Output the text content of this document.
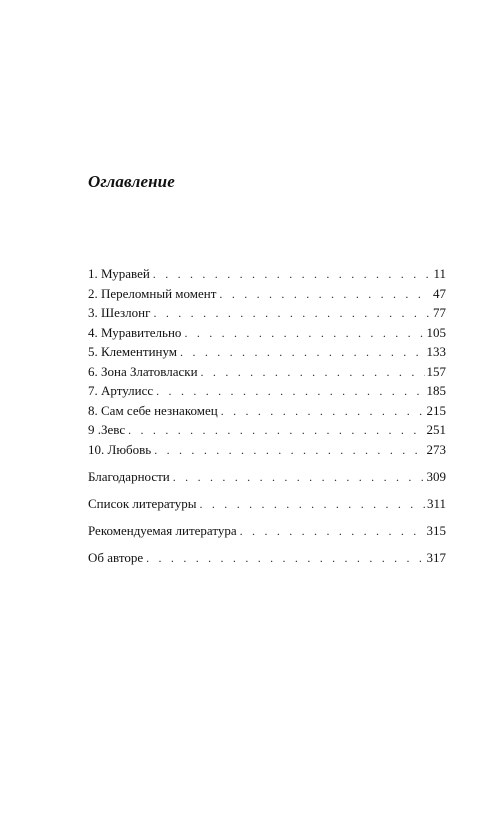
Оглавление
1. Муравей . . .	11
2. Переломный момент . . .	47
3. Шезлонг . . .	77
4. Муравительно . . .	105
5. Клементинум . . .	133
6. Зона Златовласки . . .	157
7. Артулисс . . .	185
8. Сам себе незнакомец . . .	215
9 .Зевс . . .	251
10. Любовь . . .	273
Благодарности . . .	309
Список литературы . . .	311
Рекомендуемая литература . . .	315
Об авторе . . .	317
